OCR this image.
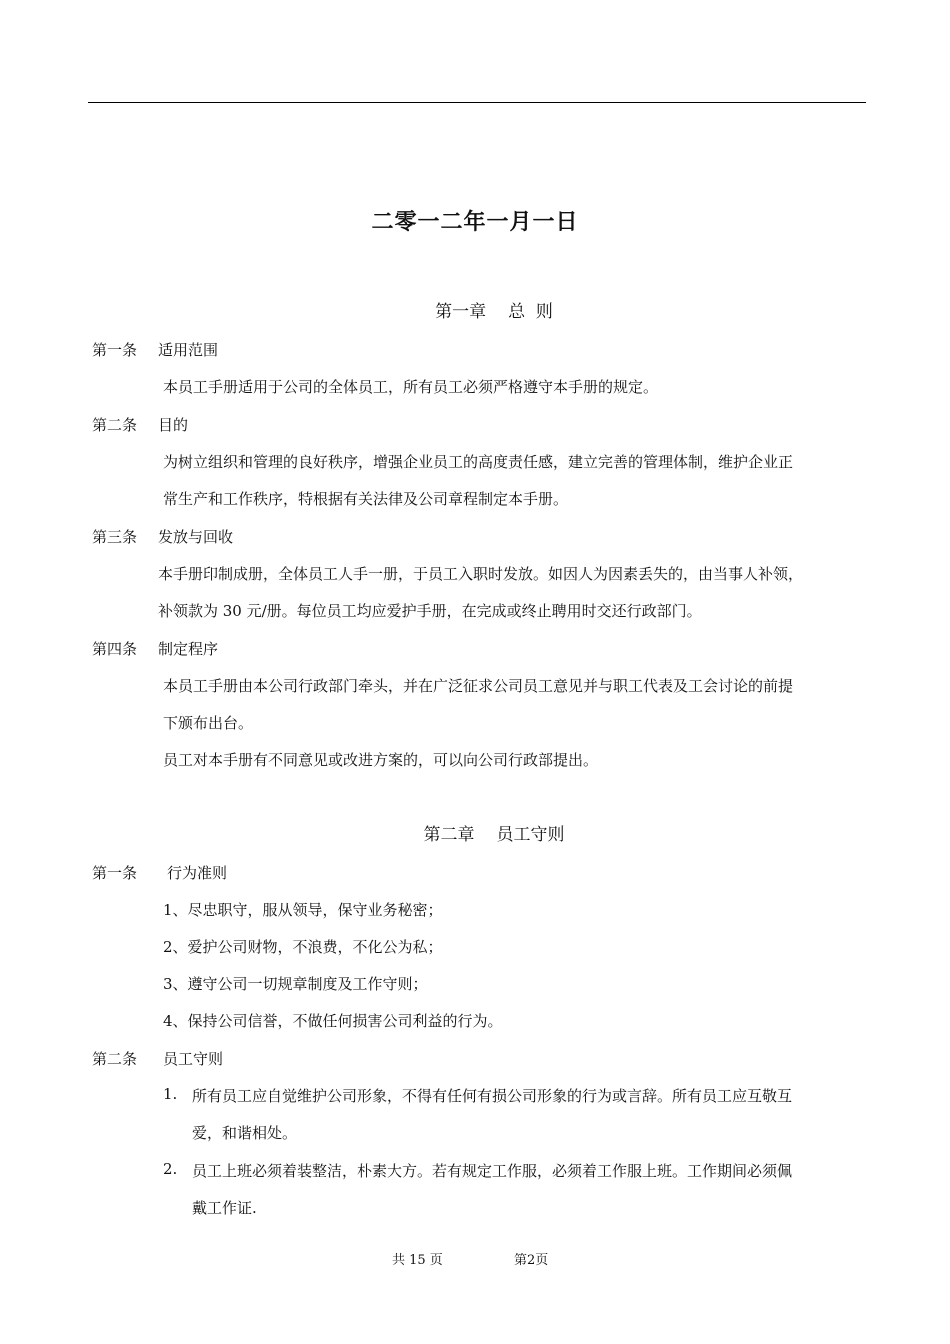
二零一二年一月一日
第一章 总  则
第一条 适用范围
本员工手册适用于公司的全体员工，所有员工必须严格遵守本手册的规定。
第二条 目的
为树立组织和管理的良好秩序，增强企业员工的高度责任感，建立完善的管理体制，维护企业正
常生产和工作秩序，特根据有关法律及公司章程制定本手册。
第三条 发放与回收
本手册印制成册，全体员工人手一册，于员工入职时发放。如因人为因素丢失的，由当事人补领，
补领款为 30 元/册。每位员工均应爱护手册，在完成或终止聘用时交还行政部门。
第四条 制定程序
本员工手册由本公司行政部门牵头，并在广泛征求公司员工意见并与职工代表及工会讨论的前提
下颁布出台。
员工对本手册有不同意见或改进方案的，可以向公司行政部提出。
第二章 员工守则
第一条 行为准则
1、尽忠职守，服从领导，保守业务秘密；
2、爱护公司财物，不浪费，不化公为私；
3、遵守公司一切规章制度及工作守则；
4、保持公司信誉，不做任何损害公司利益的行为。
第二条 员工守则
1. 所有员工应自觉维护公司形象，不得有任何有损公司形象的行为或言辞。所有员工应互敬互
爱，和谐相处。
2. 员工上班必须着装整洁，朴素大方。若有规定工作服，必须着工作服上班。工作期间必须佩
戴工作证.
共 15 页	第2页
